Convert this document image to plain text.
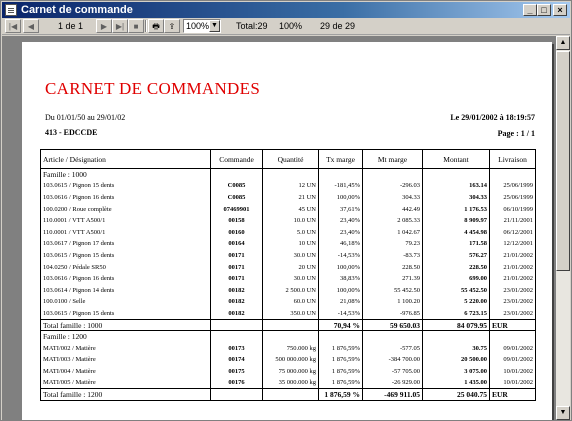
Carnet de commande	_ □	×
|◀	◀	1 de 1	▶	▶|	■	🖶	⇪	100% ▼ Total:29 100% 29 de 29
CARNET DE COMMANDES
Du 01/01/50 au 29/01/02
413 - EDCCDE
Le 29/01/2002 à 18:19:57
Page : 1 / 1
Article / Désignation	Commande	Quantité	Tx marge	Mt marge	Montant	Livraison
Famille : 1000						
103.0615 / Pignon 15 dents	C0085	12 UN	-181,45%	-296.03	163.14	25/06/1999
103.0616 / Pignon 16 dents	C0085	21 UN	100,00%	304.33	304.33	25/06/1999
100.0200 / Roue complète	07469901	45 UN	37,61%	442.49	1 176.53	06/10/1999
110.0001 / VTT A500/1	00158	10.0 UN	23,40%	2 085.33	8 909.97	21/11/2001
110.0001 / VTT A500/1	00160	5.0 UN	23,40%	1 042.67	4 454.98	06/12/2001
103.0617 / Pignon 17 dents	00164	10 UN	46,18%	79.23	171.58	12/12/2001
103.0615 / Pignon 15 dents	00171	30.0 UN	-14,53%	-83.73	576.27	21/01/2002
104.0250 / Pédale SR50	00171	20 UN	100,00%	228.50	228.50	21/01/2002
103.0616 / Pignon 16 dents	00171	30.0 UN	38,83%	271.39	699.00	21/01/2002
103.0614 / Pignon 14 dents	00182	2 500.0 UN	100,00%	55 452.50	55 452.50	23/01/2002
100.0100 / Selle	00182	60.0 UN	21,08%	1 100.20	5 220.00	23/01/2002
103.0615 / Pignon 15 dents	00182	350.0 UN	-14,53%	-976.85	6 723.15	23/01/2002
Total famille : 1000			70,94 %	59 650.03	84 079.95	EUR
Famille : 1200						
MATI/002 / Matière	00173	750.000 kg	1 876,59%	-577.05	30.75	09/01/2002
MATI/003 / Matière	00174	500 000.000 kg	1 876,59%	-384 700.00	20 500.00	09/01/2002
MATI/004 / Matière	00175	75 000.000 kg	1 876,59%	-57 705.00	3 075.00	10/01/2002
MATI/005 / Matière	00176	35 000.000 kg	1 876,59%	-26 929.00	1 435.00	10/01/2002
Total famille : 1200			1 876,59 %	-469 911.05	25 040.75	EUR
▲
▼
